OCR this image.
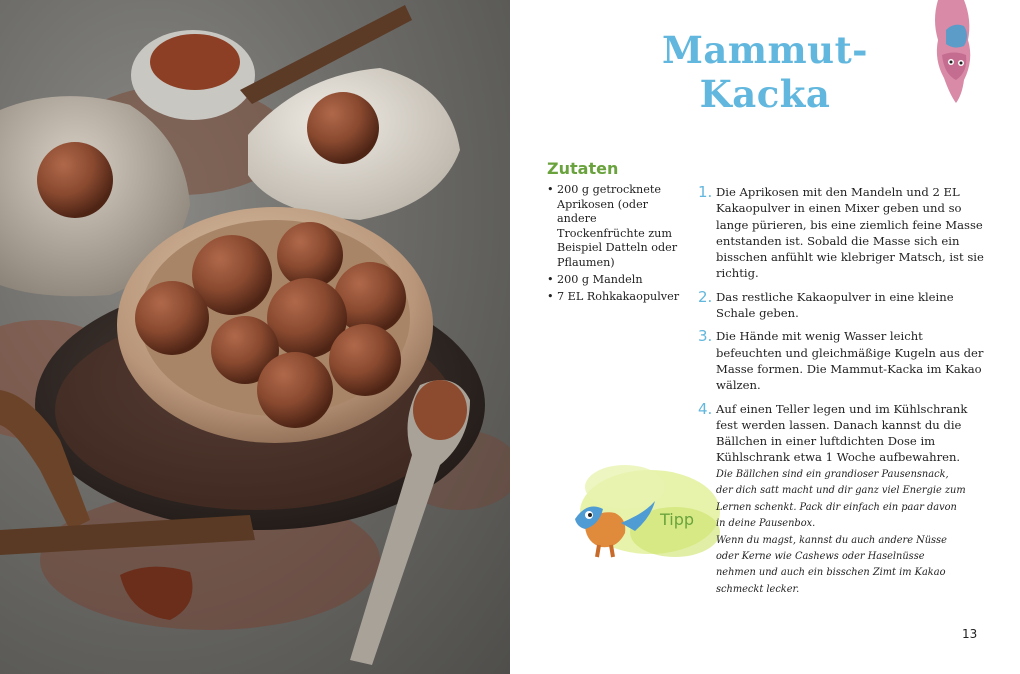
Mammut-Kacka
Zutaten
• 200 g getrocknete Aprikosen (oder andere Trockenfrüchte zum Beispiel Datteln oder Pflaumen)
• 200 g Mandeln
• 7 EL Rohkakaopulver
1. Die Aprikosen mit den Mandeln und 2 EL Kakaopulver in einen Mixer geben und so lange pürieren, bis eine ziemlich feine Masse entstanden ist. Sobald die Masse sich ein bisschen anfühlt wie klebriger Matsch, ist sie richtig.
2. Das restliche Kakaopulver in eine kleine Schale geben.
3. Die Hände mit wenig Wasser leicht befeuchten und gleichmäßige Kugeln aus der Masse formen. Die Mammut-Kacka im Kakao wälzen.
4. Auf einen Teller legen und im Kühlschrank fest werden lassen. Danach kannst du die Bällchen in einer luftdichten Dose im Kühlschrank etwa 1 Woche aufbewahren.
Tipp

Die Bällchen sind ein grandioser Pausensnack, der dich satt macht und dir ganz viel Energie zum Lernen schenkt. Pack dir einfach ein paar davon in deine Pausenbox.

Wenn du magst, kannst du auch andere Nüsse oder Kerne wie Cashews oder Haselnüsse nehmen und auch ein bisschen Zimt im Kakao schmeckt lecker.

13
